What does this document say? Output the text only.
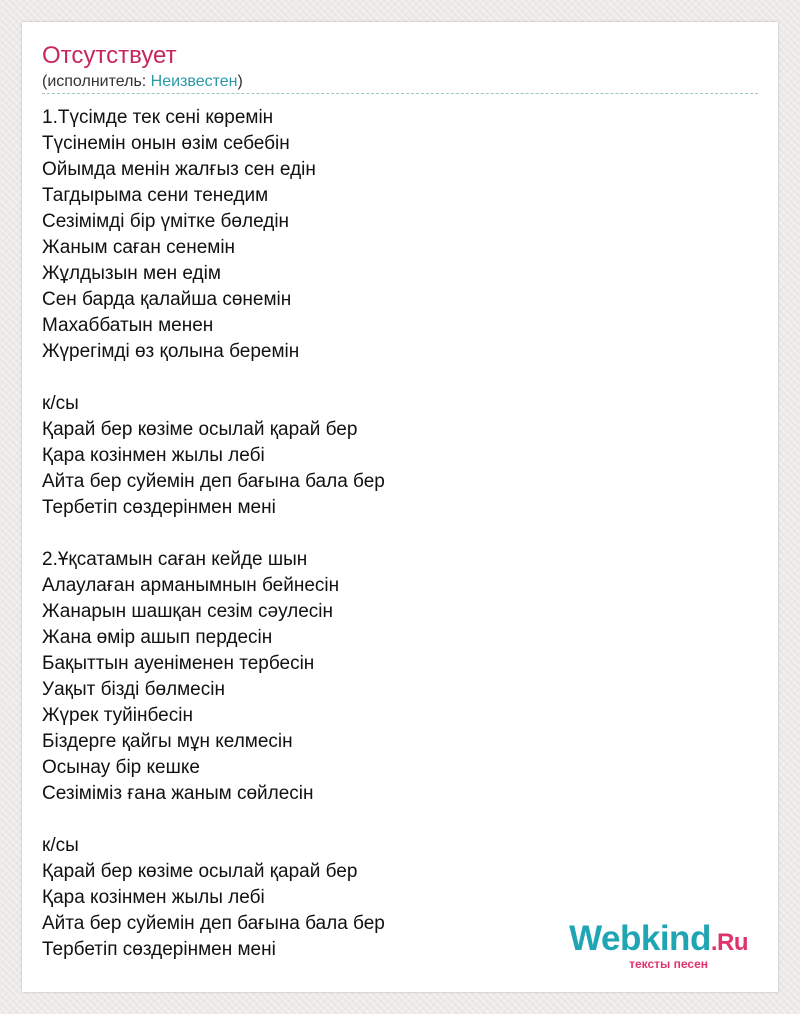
Отсутствует
(исполнитель: Неизвестен)
1.Түсімде тек сені көремін
Түсінемін онын өзім себебін
Ойымда менін жалғыз сен едін
Тагдырыма сени тенедим
Сезімімді бір үмітке бөледін
Жаным саған сенемін
Жұлдызын мен едім
Сен барда қалайша сөнемін
Махаббатын менен
Жүрегімді өз қолына беремін
к/сы
Қарай бер көзіме осылай қарай бер
Қара козінмен жылы лебі
Айта бер суйемін деп бағына бала бер
Тербетіп сөздерінмен мені
2.Ұқсатамын саған кейде шын
Алаулаған арманымнын бейнесін
Жанарын шашқан сезім сәулесін
Жана өмір ашып пердесін
Бақыттын ауеніменен тербесін
Уақыт бізді бөлмесін
Жүрек туйінбесін
Біздерге қайгы мұн келмесін
Осынау бір кешке
Сезіміміз ғана жаным сөйлесін
к/сы
Қарай бер көзіме осылай қарай бер
Қара козінмен жылы лебі
Айта бер суйемін деп бағына бала бер
Тербетіп сөздерінмен мені	Webkind.Ru
тексты песен
